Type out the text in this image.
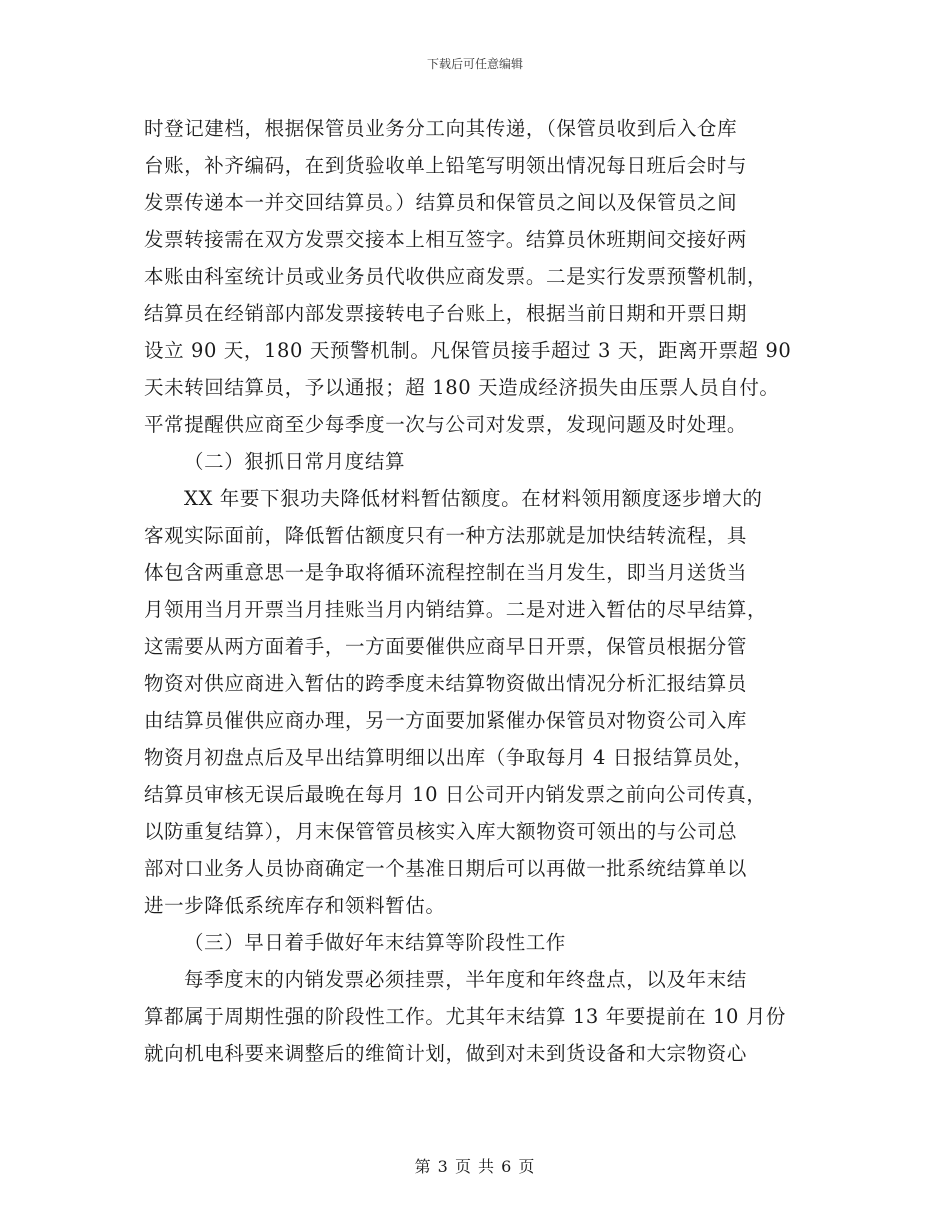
下载后可任意编辑
时登记建档，根据保管员业务分工向其传递，（保管员收到后入仓库
台账，补齐编码，在到货验收单上铅笔写明领出情况每日班后会时与
发票传递本一并交回结算员。）结算员和保管员之间以及保管员之间
发票转接需在双方发票交接本上相互签字。结算员休班期间交接好两
本账由科室统计员或业务员代收供应商发票。二是实行发票预警机制，
结算员在经销部内部发票接转电子台账上，根据当前日期和开票日期
设立 90 天，180 天预警机制。凡保管员接手超过 3 天，距离开票超 90
天未转回结算员，予以通报；超 180 天造成经济损失由压票人员自付。
平常提醒供应商至少每季度一次与公司对发票，发现问题及时处理。
（二）狠抓日常月度结算
XX 年要下狠功夫降低材料暂估额度。在材料领用额度逐步增大的
客观实际面前，降低暂估额度只有一种方法那就是加快结转流程，具
体包含两重意思一是争取将循环流程控制在当月发生，即当月送货当
月领用当月开票当月挂账当月内销结算。二是对进入暂估的尽早结算，
这需要从两方面着手，一方面要催供应商早日开票，保管员根据分管
物资对供应商进入暂估的跨季度未结算物资做出情况分析汇报结算员
由结算员催供应商办理，另一方面要加紧催办保管员对物资公司入库
物资月初盘点后及早出结算明细以出库（争取每月 4 日报结算员处，
结算员审核无误后最晚在每月 10 日公司开内销发票之前向公司传真，
以防重复结算），月末保管管员核实入库大额物资可领出的与公司总
部对口业务人员协商确定一个基准日期后可以再做一批系统结算单以
进一步降低系统库存和领料暂估。
（三）早日着手做好年末结算等阶段性工作
每季度末的内销发票必须挂票，半年度和年终盘点，以及年末结
算都属于周期性强的阶段性工作。尤其年末结算 13 年要提前在 10 月份
就向机电科要来调整后的维简计划，做到对未到货设备和大宗物资心
第 3 页 共 6 页
